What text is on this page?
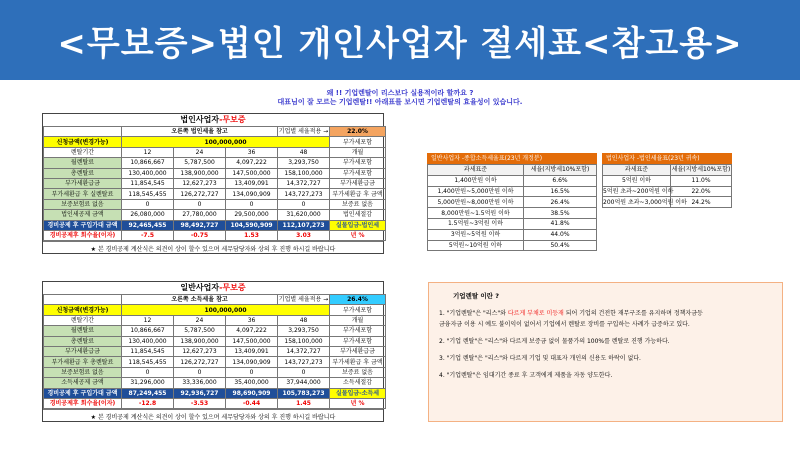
<무보증>법인 개인사업자 절세표<참고용>
왜 !! 기업렌탈이 리스보다 실용적이라 할까요 ?
대표님이 잘 모르는 기업렌탈!! 아래표를 보시면 기업렌탈의 효율성이 있습니다.
법인사업자-무보증
	오른쪽 법인세율 참고			기업별 세율적용 →	22.0%
신청금액(변경가능)	100,000,000				부가세포함
렌탈기간	12	24	36	48	개월
월렌탈료	10,866,667	5,787,500	4,097,222	3,293,750	부가세포함
총렌탈료	130,400,000	138,900,000	147,500,000	158,100,000	부가세포함
부가세환급금	11,854,545	12,627,273	13,409,091	14,372,727	부가세환급금
부가세환급 후 실렌탈료	118,545,455	126,272,727	134,090,909	143,727,273	부가세환급 후 금액
보증보험료 없음	0	0	0	0	보증료 없음
법인세공제 금액	26,080,000	27,780,000	29,500,000	31,620,000	법인세절감
경비공제 후 구입가대 금액	92,465,455	98,492,727	104,590,909	112,107,273	실물입금-법인세
경비공제후 회수율(이자)	-7.5	-0.75	1.53	3.03	년 %
★ 본 경비공제 계산식은 의견이 상이 할수 있으며 세무담당자와 상의 후 진행 하시길 바랍니다
일반사업자-무보증
	오른쪽 소득세율 참고			기업별 세율적용 →	26.4%
신청금액(변경가능)	100,000,000				부가세포함
렌탈기간	12	24	36	48	개월
월렌탈료	10,866,667	5,787,500	4,097,222	3,293,750	부가세포함
총렌탈료	130,400,000	138,900,000	147,500,000	158,100,000	부가세포함
부가세환급금	11,854,545	12,627,273	13,409,091	14,372,727	부가세환급금
부가세환급 후 총렌탈료	118,545,455	126,272,727	134,090,909	143,727,273	부가세환급 후 금액
보증보험료 없음	0	0	0	0	보증료 없음
소득세공제 금액	31,296,000	33,336,000	35,400,000	37,944,000	소득세절감
경비공제 후 구입가대 금액	87,249,455	92,936,727	98,690,909	105,783,273	실물입금-소득세
경비공제후 회수율(이자)	-12.8	-3.53	-0.44	1.45	년 %
★ 본 경비공제 계산식은 의견이 상이 할수 있으며 세무담당자와 상의 후 진행 하시길 바랍니다
일반사업자 -종합소득세율표(23년 개정분)
과세표준	세율(지방세10%포함)
1,400만원 이하	6.6%
1,400만원~5,000만원 이하	16.5%
5,000만원~8,000만원 이하	26.4%
8,000만원~1.5억원 이하	38.5%
1.5억원~3억원 이하	41.8%
3억원~5억원 이하	44.0%
5억원~10억원 이하	50.4%
법인사업자 -법인세율표(23년 귀속)
과세표준	세율(지방세10%포함)
5억원 이하	11.0%
5억원 초과~200억원 이하	22.0%
200억원 초과~3,000억원 이하	24.2%
기업렌탈 이란 ?

1. "기업렌탈"은 "리스"와 다르게 부채로 미등재 되어 기업의 건전한 재무구조를 유지하며 정책자금등
금융자금 이용 시 예도 불이익이 없어서 기업에서 렌탈로 장비를 구입하는 사례가 급증하고 있다.

2. "기업 렌탈"은 "리스"와 다르게 보증금 없이 물품가의 100%를 렌탈로 진행 가능하다.

3. "기업 렌탈"은 "리스"와 다르게 기업 및 대표자 개인의 신용도 하락이 없다.

4. "기업렌탈"은 임대기간 종료 후 고객에게 제품을 자동 양도한다.
